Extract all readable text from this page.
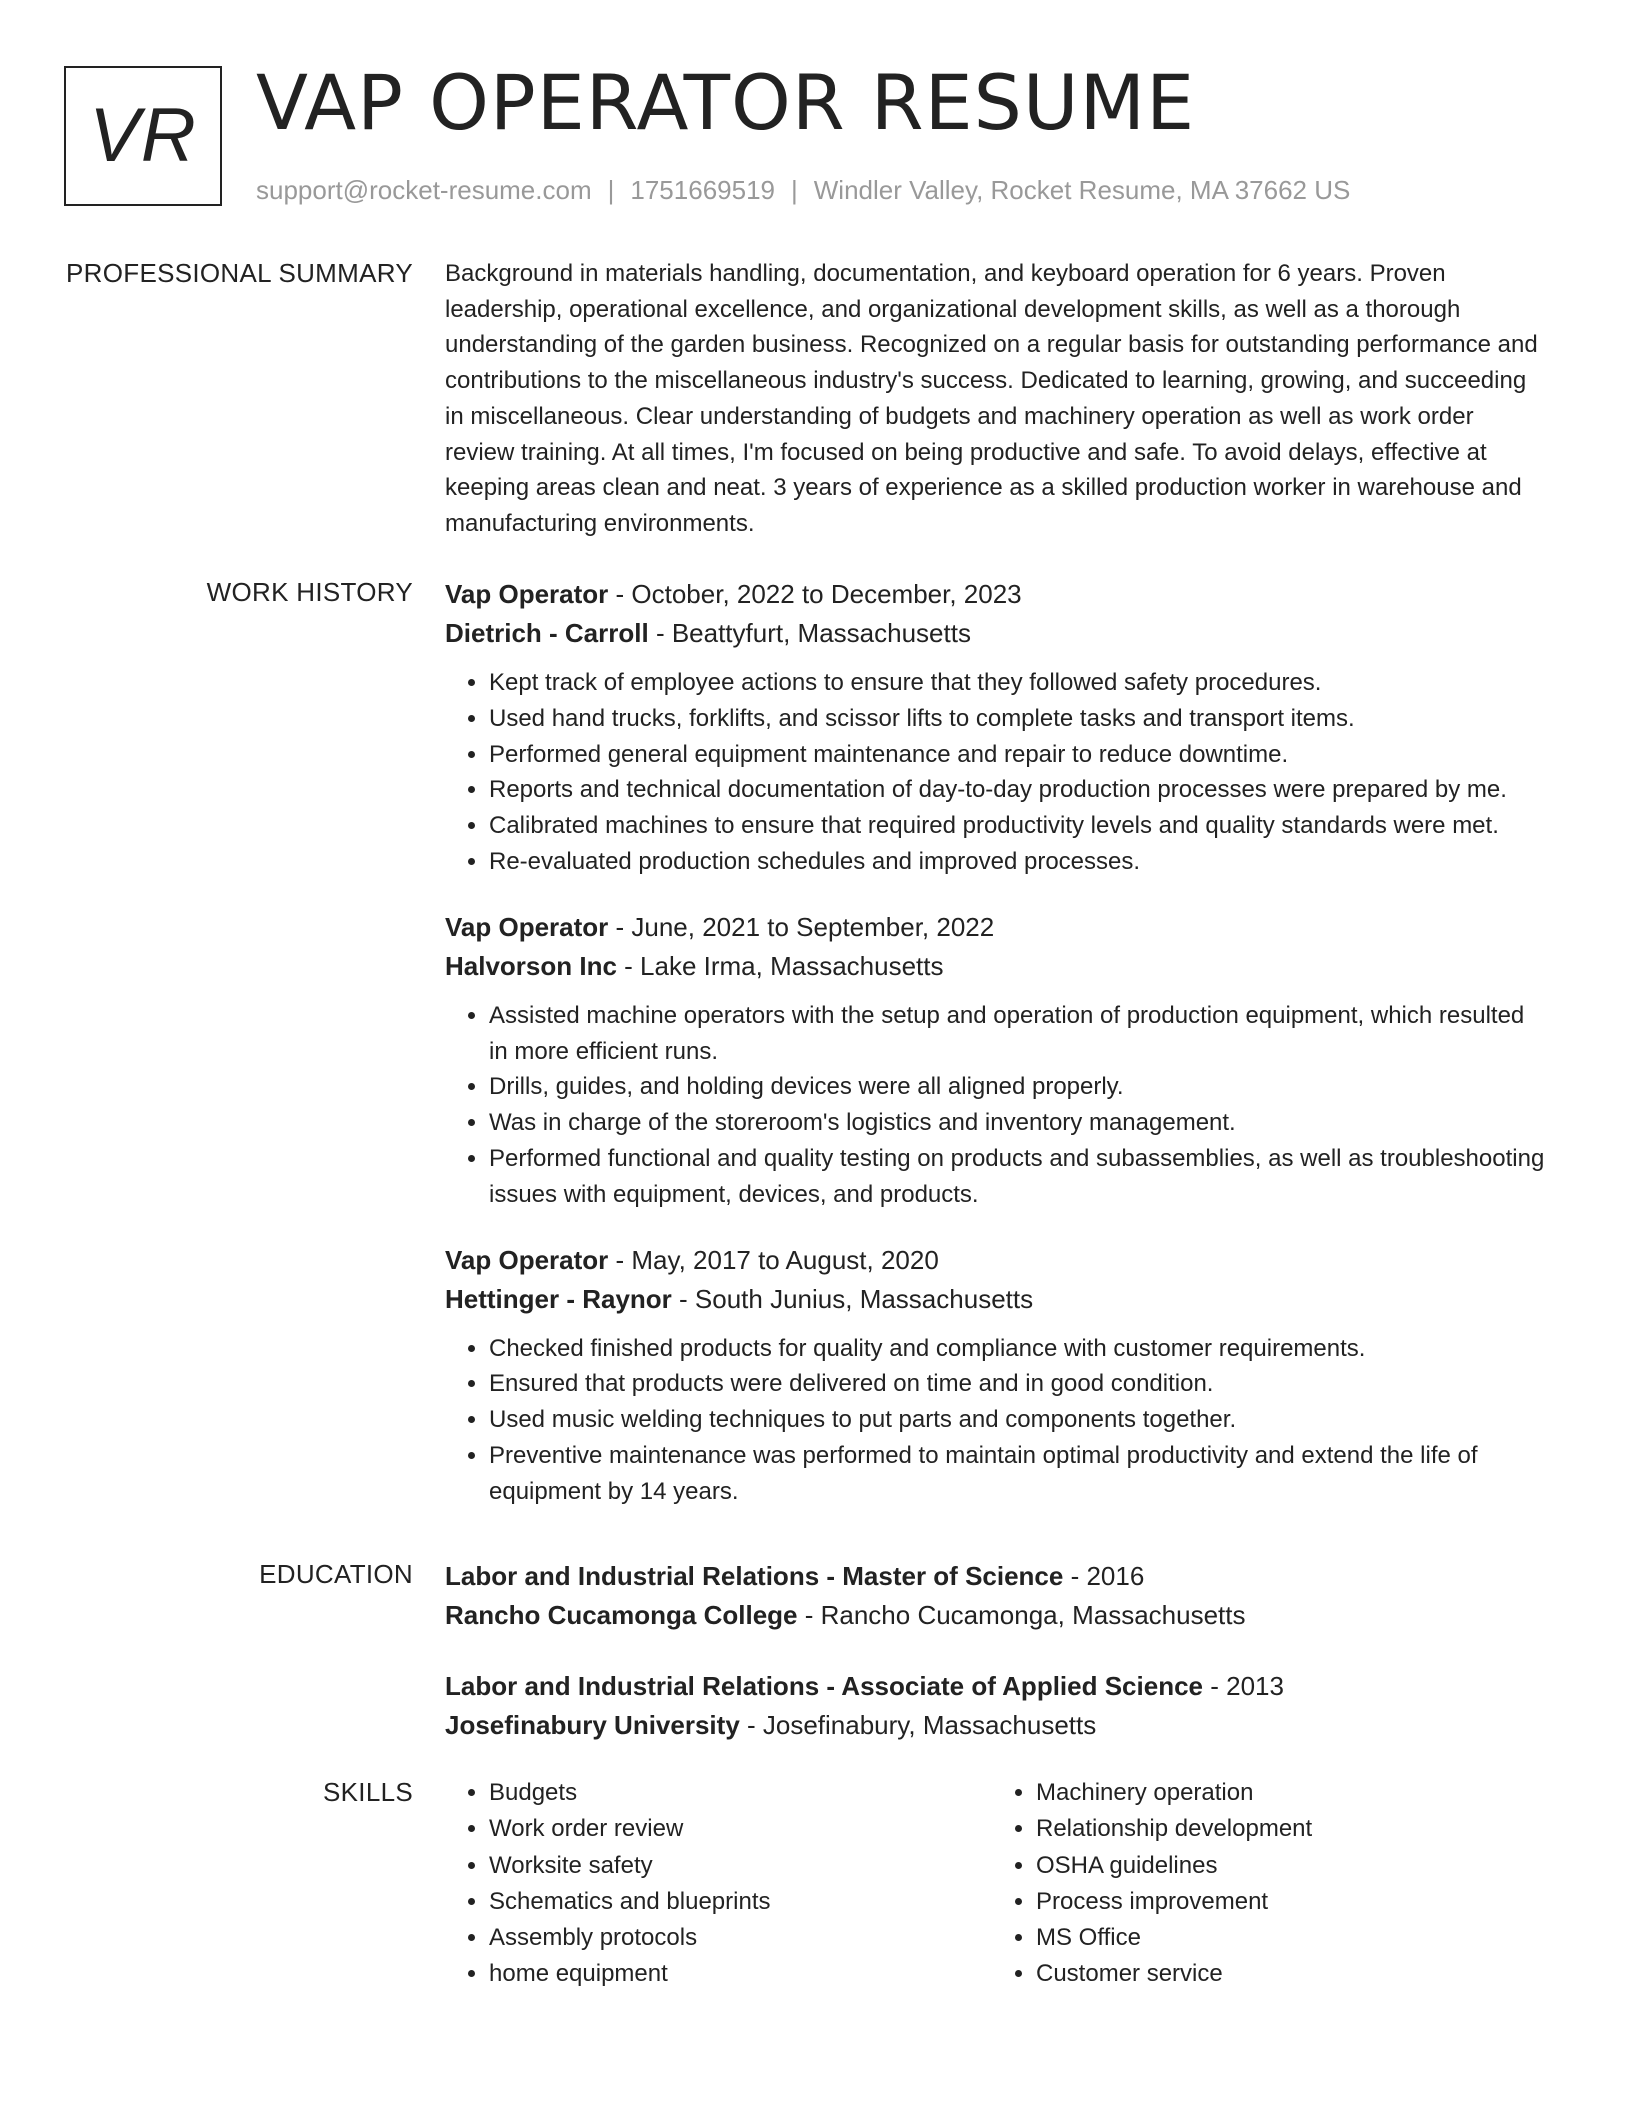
VR VAP OPERATOR RESUME
support@rocket-resume.com | 1751669519 | Windler Valley, Rocket Resume, MA 37662 US
PROFESSIONAL SUMMARY Background in materials handling, documentation, and keyboard operation for 6 years. Proven leadership, operational excellence, and organizational development skills, as well as a thorough understanding of the garden business. Recognized on a regular basis for outstanding performance and contributions to the miscellaneous industry's success. Dedicated to learning, growing, and succeeding in miscellaneous. Clear understanding of budgets and machinery operation as well as work order review training. At all times, I'm focused on being productive and safe. To avoid delays, effective at keeping areas clean and neat. 3 years of experience as a skilled production worker in warehouse and manufacturing environments.

WORK HISTORY Vap Operator - October, 2022 to December, 2023
Dietrich - Carroll - Beattyfurt, Massachusetts
• Kept track of employee actions to ensure that they followed safety procedures.
• Used hand trucks, forklifts, and scissor lifts to complete tasks and transport items.
• Performed general equipment maintenance and repair to reduce downtime.
• Reports and technical documentation of day-to-day production processes were prepared by me.
• Calibrated machines to ensure that required productivity levels and quality standards were met.
• Re-evaluated production schedules and improved processes.
Vap Operator - June, 2021 to September, 2022
Halvorson Inc - Lake Irma, Massachusetts
• Assisted machine operators with the setup and operation of production equipment, which resulted in more efficient runs.
• Drills, guides, and holding devices were all aligned properly.
• Was in charge of the storeroom's logistics and inventory management.
• Performed functional and quality testing on products and subassemblies, as well as troubleshooting issues with equipment, devices, and products.
Vap Operator - May, 2017 to August, 2020
Hettinger - Raynor - South Junius, Massachusetts
• Checked finished products for quality and compliance with customer requirements.
• Ensured that products were delivered on time and in good condition.
• Used music welding techniques to put parts and components together.
• Preventive maintenance was performed to maintain optimal productivity and extend the life of equipment by 14 years.
EDUCATION Labor and Industrial Relations - Master of Science - 2016
Rancho Cucamonga College - Rancho Cucamonga, Massachusetts
Labor and Industrial Relations - Associate of Applied Science - 2013
Josefinabury University - Josefinabury, Massachusetts
SKILLS
•	Budgets
• Work order review
• Worksite safety
• Schematics and blueprints
• Assembly protocols
• home equipment
• Machinery operation
• Relationship development
• OSHA guidelines
• Process improvement
• MS Office
• Customer service
